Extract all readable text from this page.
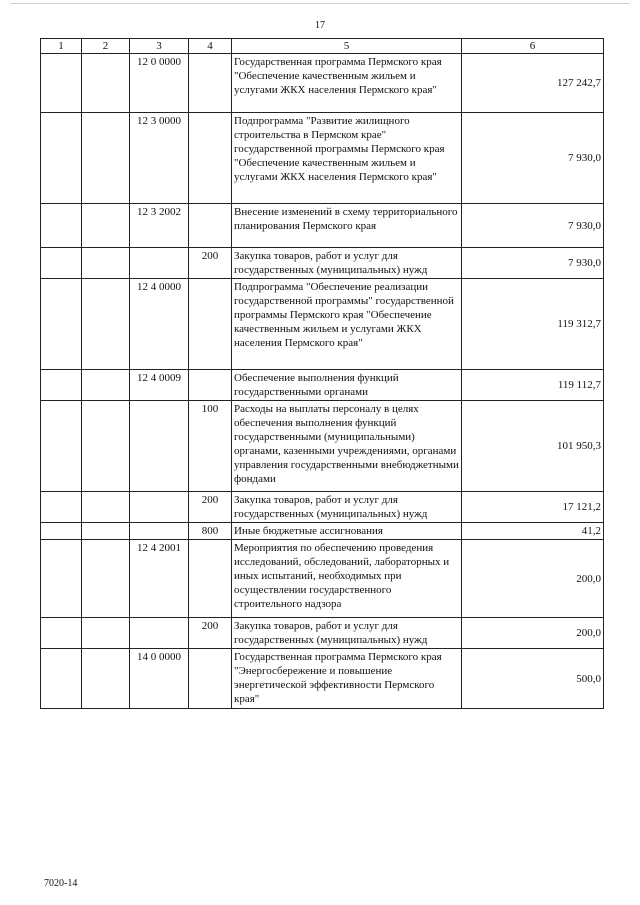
17
1	2	3	4	5	6
		12 0 0000		Государственная программа Пермского края "Обеспечение качественным жильем и услугами ЖКХ населения Пермского края"	127 242,7
		12 3 0000		Подпрограмма "Развитие жилищного строительства в Пермском крае" государственной программы Пермского края "Обеспечение качественным жильем и услугами ЖКХ населения Пермского края"	7 930,0
		12 3 2002		Внесение изменений в схему территориального планирования Пермского края	7 930,0
			200	Закупка товаров, работ и услуг для государственных (муниципальных) нужд	7 930,0
		12 4 0000		Подпрограмма "Обеспечение реализации государственной программы" государственной программы Пермского края "Обеспечение качественным жильем и услугами ЖКХ населения Пермского края"	119 312,7
		12 4 0009		Обеспечение выполнения функций государственными органами	119 112,7
			100	Расходы на выплаты персоналу в целях обеспечения выполнения функций государственными (муниципальными) органами, казенными учреждениями, органами управления государственными внебюджетными фондами	101 950,3
			200	Закупка товаров, работ и услуг для государственных (муниципальных) нужд	17 121,2
			800	Иные бюджетные ассигнования	41,2
		12 4 2001		Мероприятия по обеспечению проведения исследований, обследований, лабораторных и иных испытаний, необходимых при осуществлении государственного строительного надзора	200,0
			200	Закупка товаров, работ и услуг для государственных (муниципальных) нужд	200,0
		14 0 0000		Государственная программа Пермского края "Энергосбережение и повышение энергетической эффективности Пермского края"	500,0
7020-14
